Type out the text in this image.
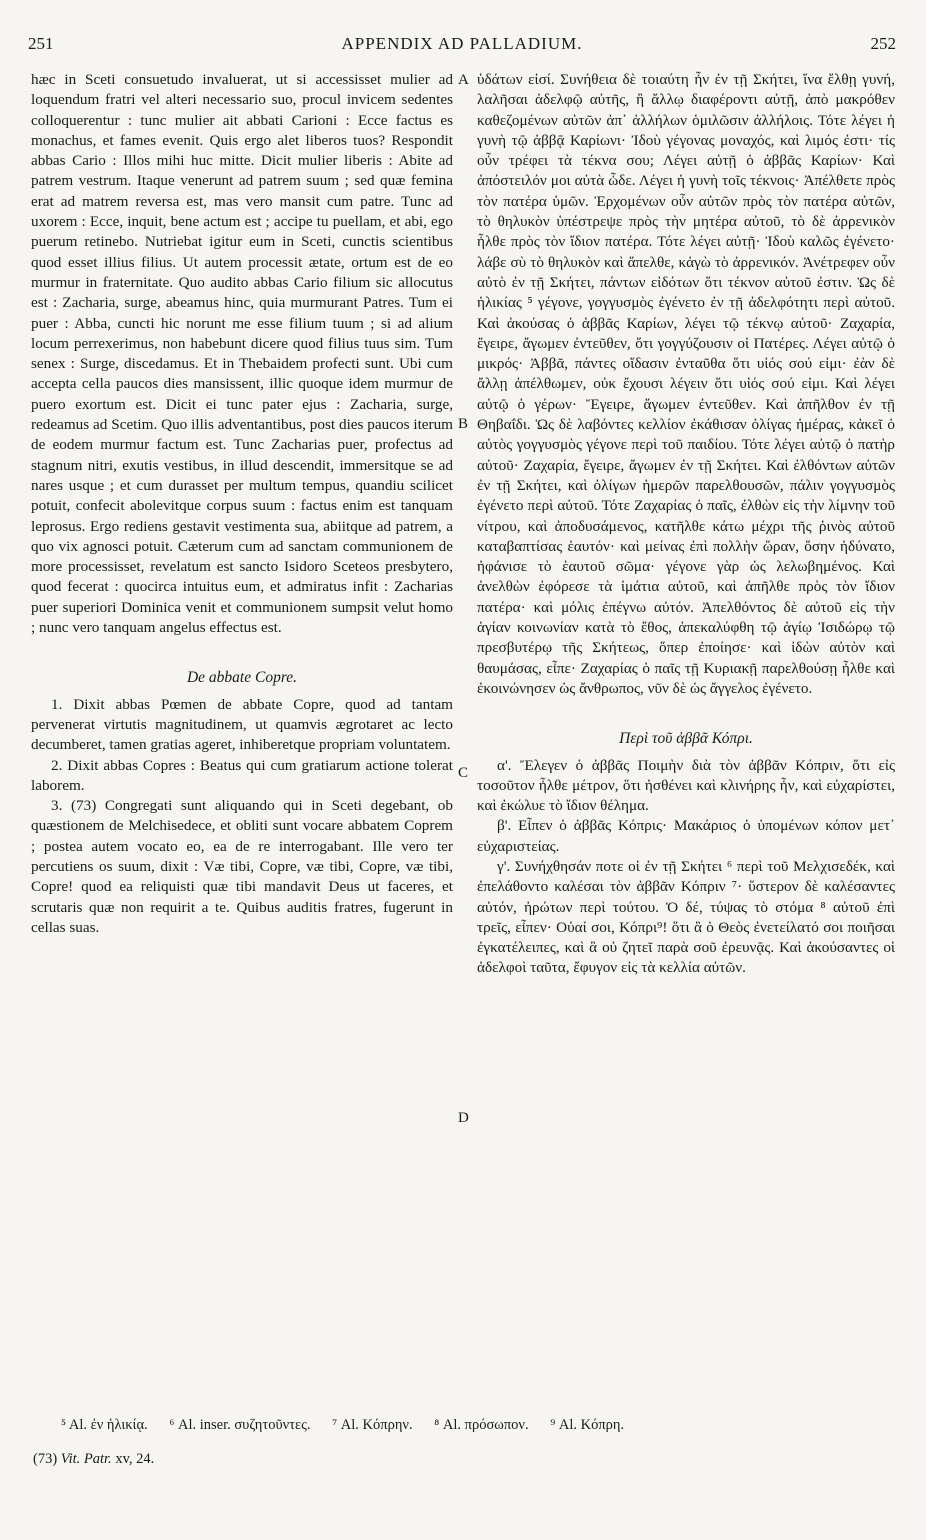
251	APPENDIX AD PALLADIUM.	252
A
B
C
D

hæc in Sceti consuetudo invaluerat, ut si accessisset mulier ad loquendum fratri vel alteri necessario suo, procul invicem sedentes colloquerentur : tunc mulier ait abbati Carioni : Ecce factus es monachus, et fames evenit. Quis ergo alet liberos tuos? Respondit abbas Cario : Illos mihi huc mitte. Dicit mulier liberis : Abite ad patrem vestrum. Itaque venerunt ad patrem suum ; sed quæ femina erat ad matrem reversa est, mas vero mansit cum patre. Tunc ad uxorem : Ecce, inquit, bene actum est ; accipe tu puellam, et abi, ego puerum retinebo. Nutriebat igitur eum in Sceti, cunctis scientibus quod esset illius filius. Ut autem processit ætate, ortum est de eo murmur in fraternitate. Quo audito abbas Cario filium sic allocutus est : Zacharia, surge, abeamus hinc, quia murmurant Patres. Tum ei puer : Abba, cuncti hic norunt me esse filium tuum ; si ad alium locum perrexerimus, non habebunt dicere quod filius tuus sim. Tum senex : Surge, discedamus. Et in Thebaidem profecti sunt. Ubi cum accepta cella paucos dies mansissent, illic quoque idem murmur de puero exortum est. Dicit ei tunc pater ejus : Zacharia, surge, redeamus ad Scetim. Quo illis adventantibus, post dies paucos iterum de eodem murmur factum est. Tunc Zacharias puer, profectus ad stagnum nitri, exutis vestibus, in illud descendit, immersitque se ad nares usque ; et cum durasset per multum tempus, quandiu scilicet potuit, confecit abolevitque corpus suum : factus enim est tanquam leprosus. Ergo rediens gestavit vestimenta sua, abiitque ad patrem, a quo vix agnosci potuit. Cæterum cum ad sanctam communionem de more processisset, revelatum est sancto Isidoro Sceteos presbytero, quod fecerat : quocirca intuitus eum, et admiratus infit : Zacharias puer superiori Dominica venit et communionem sumpsit velut homo ; nunc vero tanquam angelus effectus est.

De abbate Copre.

1. Dixit abbas Pœmen de abbate Copre, quod ad tantam pervenerat virtutis magnitudinem, ut quamvis ægrotaret ac lecto decumberet, tamen gratias ageret, inhiberetque propriam voluntatem.

2. Dixit abbas Copres : Beatus qui cum gratiarum actione tolerat laborem.

3. (73) Congregati sunt aliquando qui in Sceti degebant, ob quæstionem de Melchisedece, et obliti sunt vocare abbatem Coprem ; postea autem vocato eo, ea de re interrogabant. Ille vero ter percutiens os suum, dixit : Væ tibi, Copre, væ tibi, Copre, væ tibi, Copre! quod ea reliquisti quæ tibi mandavit Deus ut faceres, et scrutaris quæ non requirit a te. Quibus auditis fratres, fugerunt in cellas suas.

ὑδάτων εἰσί. Συνήθεια δὲ τοιαύτη ἦν ἐν τῇ Σκήτει, ἵνα ἔλθῃ γυνή, λαλῆσαι ἀδελφῷ αὐτῆς, ἢ ἄλλῳ διαφέροντι αὐτῇ, ἀπὸ μακρόθεν καθεζομένων αὐτῶν ἀπ᾿ ἀλλήλων ὁμιλῶσιν ἀλλήλοις. Τότε λέγει ἡ γυνὴ τῷ ἀββᾷ Καρίωνι· Ἰδοὺ γέγονας μοναχός, καὶ λιμός ἐστι· τίς οὖν τρέφει τὰ τέκνα σου; Λέγει αὐτῇ ὁ ἀββᾶς Καρίων· Καὶ ἀπόστειλόν μοι αὐτὰ ὧδε. Λέγει ἡ γυνὴ τοῖς τέκνοις· Ἀπέλθετε πρὸς τὸν πατέρα ὑμῶν. Ἐρχομένων οὖν αὐτῶν πρὸς τὸν πατέρα αὐτῶν, τὸ θηλυκὸν ὑπέστρεψε πρὸς τὴν μητέρα αὐτοῦ, τὸ δὲ ἀρρενικὸν ἦλθε πρὸς τὸν ἴδιον πατέρα. Τότε λέγει αὐτῇ· Ἰδοὺ καλῶς ἐγένετο· λάβε σὺ τὸ θηλυκὸν καὶ ἄπελθε, κἀγὼ τὸ ἀρρενικόν. Ἀνέτρεφεν οὖν αὐτὸ ἐν τῇ Σκήτει, πάντων εἰδότων ὅτι τέκνον αὐτοῦ ἐστιν. Ὡς δὲ ἡλικίας ⁵ γέγονε, γογγυσμὸς ἐγένετο ἐν τῇ ἀδελφότητι περὶ αὐτοῦ. Καὶ ἀκούσας ὁ ἀββᾶς Καρίων, λέγει τῷ τέκνῳ αὐτοῦ· Ζαχαρία, ἔγειρε, ἄγωμεν ἐντεῦθεν, ὅτι γογγύζουσιν οἱ Πατέρες. Λέγει αὐτῷ ὁ μικρός· Ἀββᾶ, πάντες οἴδασιν ἐνταῦθα ὅτι υἱός σού εἰμι· ἐὰν δὲ ἄλλῃ ἀπέλθωμεν, οὐκ ἔχουσι λέγειν ὅτι υἱός σού εἰμι. Καὶ λέγει αὐτῷ ὁ γέρων· Ἔγειρε, ἄγωμεν ἐντεῦθεν. Καὶ ἀπῆλθον ἐν τῇ Θηβαΐδι. Ὡς δὲ λαβόντες κελλίον ἐκάθισαν ὀλίγας ἡμέρας, κἀκεῖ ὁ αὐτὸς γογγυσμὸς γέγονε περὶ τοῦ παιδίου. Τότε λέγει αὐτῷ ὁ πατὴρ αὐτοῦ· Ζαχαρία, ἔγειρε, ἄγωμεν ἐν τῇ Σκήτει. Καὶ ἐλθόντων αὐτῶν ἐν τῇ Σκήτει, καὶ ὀλίγων ἡμερῶν παρελθουσῶν, πάλιν γογγυσμὸς ἐγένετο περὶ αὐτοῦ. Τότε Ζαχαρίας ὁ παῖς, ἐλθὼν εἰς τὴν λίμνην τοῦ νίτρου, καὶ ἀποδυσάμενος, κατῆλθε κάτω μέχρι τῆς ῥινὸς αὐτοῦ καταβαπτίσας ἑαυτόν· καὶ μείνας ἐπὶ πολλὴν ὥραν, ὅσην ἠδύνατο, ἠφάνισε τὸ ἑαυτοῦ σῶμα· γέγονε γὰρ ὡς λελωβημένος. Καὶ ἀνελθὼν ἐφόρεσε τὰ ἱμάτια αὐτοῦ, καὶ ἀπῆλθε πρὸς τὸν ἴδιον πατέρα· καὶ μόλις ἐπέγνω αὐτόν. Ἀπελθόντος δὲ αὐτοῦ εἰς τὴν ἁγίαν κοινωνίαν κατὰ τὸ ἔθος, ἀπεκαλύφθη τῷ ἁγίῳ Ἰσιδώρῳ τῷ πρεσβυτέρῳ τῆς Σκήτεως, ὅπερ ἐποίησε· καὶ ἰδὼν αὐτὸν καὶ θαυμάσας, εἶπε· Ζαχαρίας ὁ παῖς τῇ Κυριακῇ παρελθούσῃ ἦλθε καὶ ἐκοινώνησεν ὡς ἄνθρωπος, νῦν δὲ ὡς ἄγγελος ἐγένετο.

Περὶ τοῦ ἀββᾶ Κόπρι.

α'. Ἔλεγεν ὁ ἀββᾶς Ποιμὴν διὰ τὸν ἀββᾶν Κόπριν, ὅτι εἰς τοσοῦτον ἦλθε μέτρον, ὅτι ἠσθένει καὶ κλινήρης ἦν, καὶ εὐχαρίστει, καὶ ἐκώλυε τὸ ἴδιον θέλημα.

β'. Εἶπεν ὁ ἀββᾶς Κόπρις· Μακάριος ὁ ὑπομένων κόπον μετ᾿ εὐχαριστείας.

γ'. Συνήχθησάν ποτε οἱ ἐν τῇ Σκήτει ⁶ περὶ τοῦ Μελχισεδέκ, καὶ ἐπελάθοντο καλέσαι τὸν ἀββᾶν Κόπριν ⁷· ὕστερον δὲ καλέσαντες αὐτόν, ἠρώτων περὶ τούτου. Ὁ δέ, τύψας τὸ στόμα ⁸ αὐτοῦ ἐπὶ τρεῖς, εἶπεν· Οὐαί σοι, Κόπρι⁹! ὅτι ἃ ὁ Θεὸς ἐνετείλατό σοι ποιῆσαι ἐγκατέλειπες, καὶ ἃ οὐ ζητεῖ παρὰ σοῦ ἐρευνᾷς. Καὶ ἀκούσαντες οἱ ἀδελφοὶ ταῦτα, ἔφυγον εἰς τὰ κελλία αὐτῶν.

⁵ Al. ἐν ἡλικίᾳ. ⁶ Al. inser. συζητοῦντες. ⁷ Al. Κόπρην. ⁸ Al. πρόσωπον. ⁹ Al. Κόπρη.
(73) Vit. Patr. xv, 24.
